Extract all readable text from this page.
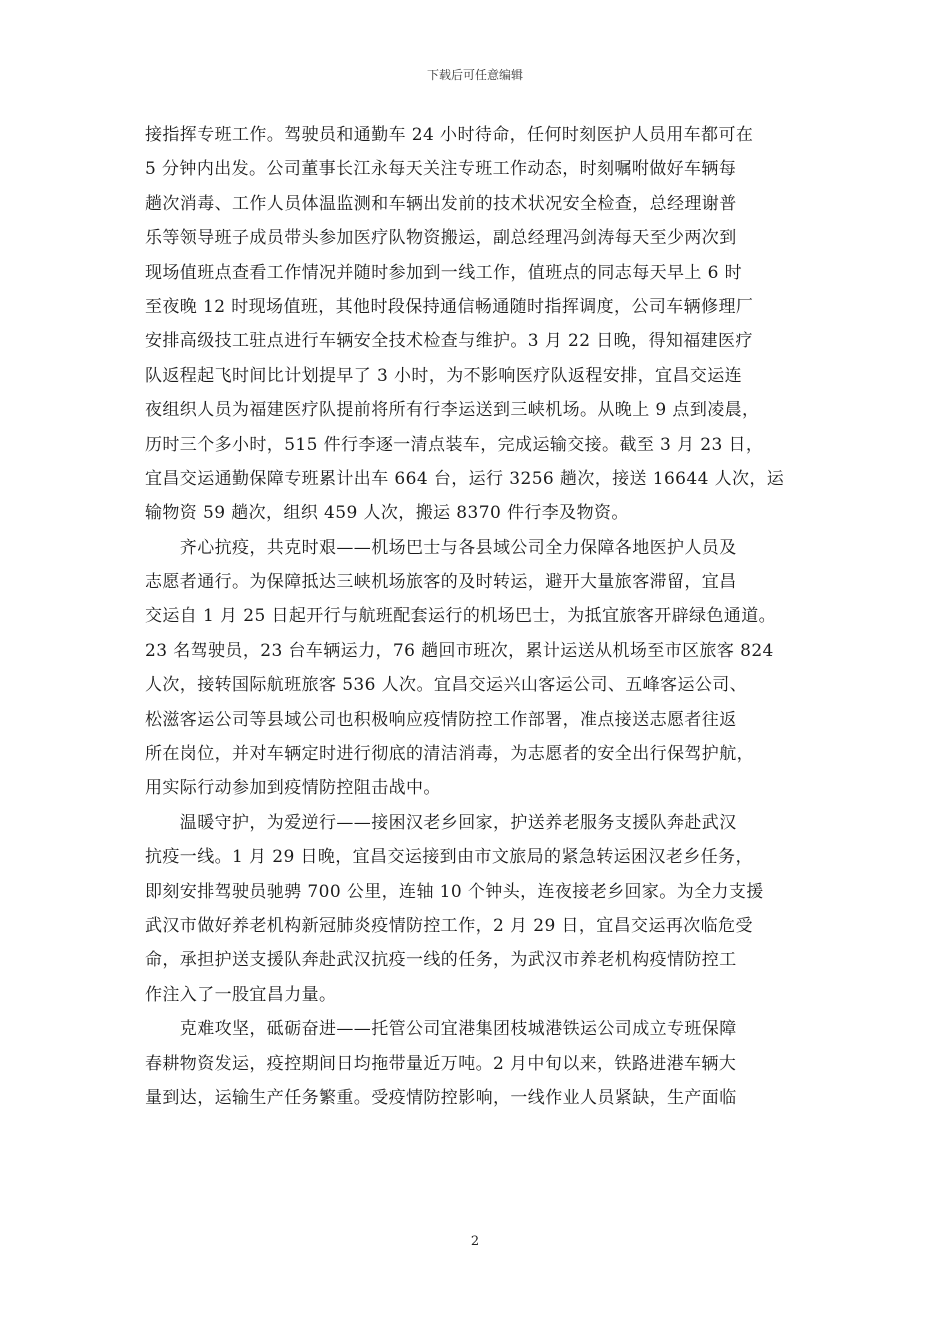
下载后可任意编辑
接指挥专班工作。驾驶员和通勤车 24 小时待命，任何时刻医护人员用车都可在
5 分钟内出发。公司董事长江永每天关注专班工作动态，时刻嘱咐做好车辆每
趟次消毒、工作人员体温监测和车辆出发前的技术状况安全检查，总经理谢普
乐等领导班子成员带头参加医疗队物资搬运，副总经理冯剑涛每天至少两次到
现场值班点查看工作情况并随时参加到一线工作，值班点的同志每天早上 6 时
至夜晚 12 时现场值班，其他时段保持通信畅通随时指挥调度，公司车辆修理厂
安排高级技工驻点进行车辆安全技术检查与维护。3 月 22 日晚，得知福建医疗
队返程起飞时间比计划提早了 3 小时，为不影响医疗队返程安排，宜昌交运连
夜组织人员为福建医疗队提前将所有行李运送到三峡机场。从晚上 9 点到凌晨，
历时三个多小时，515 件行李逐一清点装车，完成运输交接。截至 3 月 23 日，
宜昌交运通勤保障专班累计出车 664 台，运行 3256 趟次，接送 16644 人次，运
输物资 59 趟次，组织 459 人次，搬运 8370 件行李及物资。
　　齐心抗疫，共克时艰——机场巴士与各县域公司全力保障各地医护人员及
志愿者通行。为保障抵达三峡机场旅客的及时转运，避开大量旅客滞留，宜昌
交运自 1 月 25 日起开行与航班配套运行的机场巴士，为抵宜旅客开辟绿色通道。
23 名驾驶员，23 台车辆运力，76 趟回市班次，累计运送从机场至市区旅客 824
人次，接转国际航班旅客 536 人次。宜昌交运兴山客运公司、五峰客运公司、
松滋客运公司等县域公司也积极响应疫情防控工作部署，准点接送志愿者往返
所在岗位，并对车辆定时进行彻底的清洁消毒，为志愿者的安全出行保驾护航，
用实际行动参加到疫情防控阻击战中。
　　温暖守护，为爱逆行——接困汉老乡回家，护送养老服务支援队奔赴武汉
抗疫一线。1 月 29 日晚，宜昌交运接到由市文旅局的紧急转运困汉老乡任务，
即刻安排驾驶员驰骋 700 公里，连轴 10 个钟头，连夜接老乡回家。为全力支援
武汉市做好养老机构新冠肺炎疫情防控工作，2 月 29 日，宜昌交运再次临危受
命，承担护送支援队奔赴武汉抗疫一线的任务，为武汉市养老机构疫情防控工
作注入了一股宜昌力量。
　　克难攻坚，砥砺奋进——托管公司宜港集团枝城港铁运公司成立专班保障
春耕物资发运，疫控期间日均拖带量近万吨。2 月中旬以来，铁路进港车辆大
量到达，运输生产任务繁重。受疫情防控影响，一线作业人员紧缺，生产面临
2
